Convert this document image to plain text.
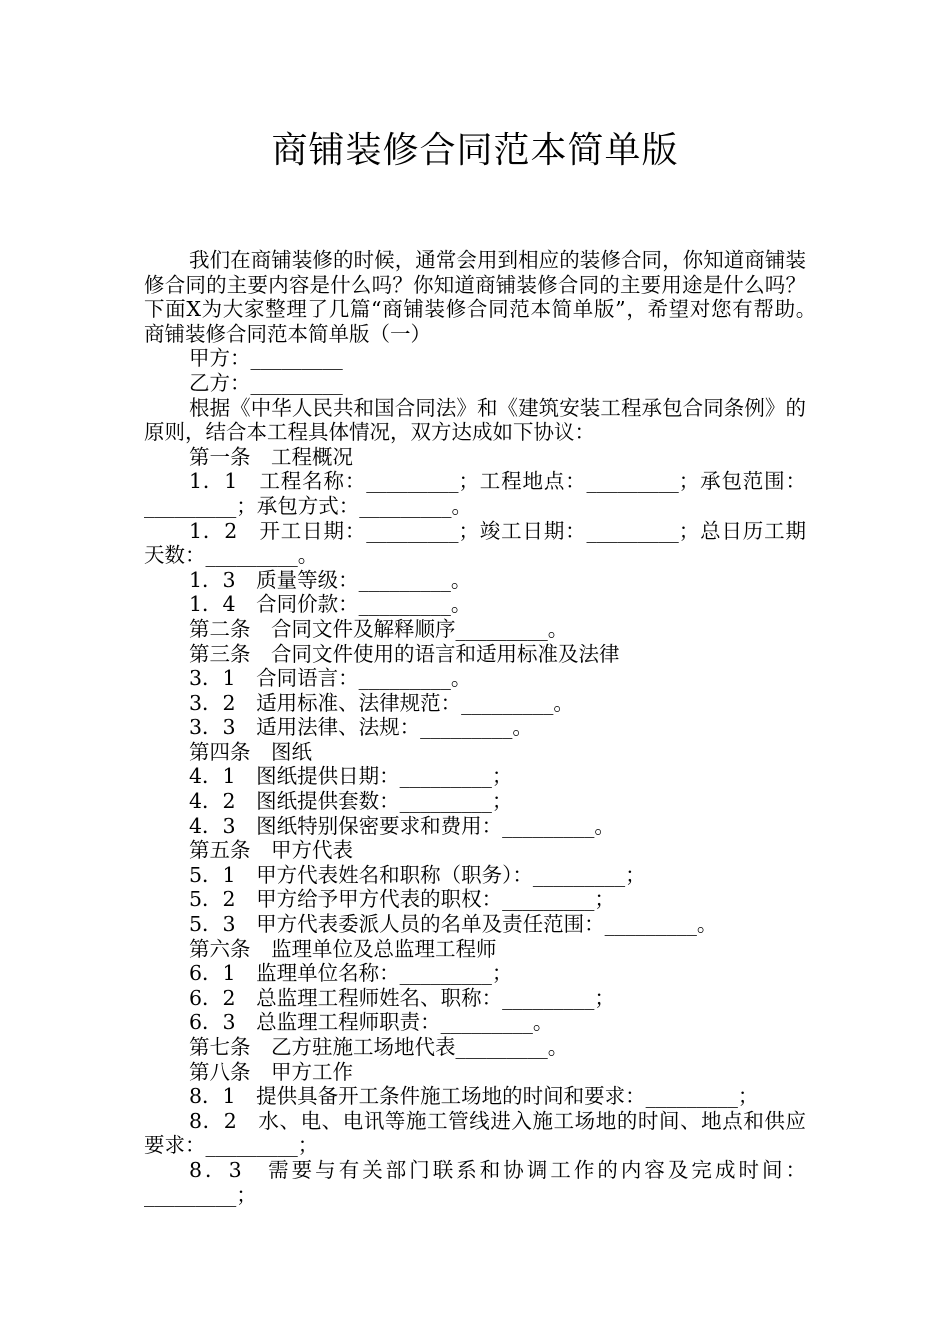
商铺装修合同范本简单版

我们在商铺装修的时候，通常会用到相应的装修合同，你知道商铺装修合同的主要内容是什么吗？你知道商铺装修合同的主要用途是什么吗？下面X为大家整理了几篇“商铺装修合同范本简单版”，希望对您有帮助。　　商铺装修合同范本简单版（一）

甲方：_________

乙方：_________

根据《中华人民共和国合同法》和《建筑安装工程承包合同条例》的原则，结合本工程具体情况，双方达成如下协议：

第一条　工程概况

1．1　工程名称：_________；工程地点：_________；承包范围：_________；承包方式：_________。

1．2　开工日期：_________；竣工日期：_________；总日历工期天数：_________。

1．3　质量等级：_________。

1．4　合同价款：_________。

第二条　合同文件及解释顺序_________。

第三条　合同文件使用的语言和适用标准及法律

3．1　合同语言：_________。

3．2　适用标准、法律规范：_________。

3．3　适用法律、法规：_________。

第四条　图纸

4．1　图纸提供日期：_________；

4．2　图纸提供套数：_________；

4．3　图纸特别保密要求和费用：_________。

第五条　甲方代表

5．1　甲方代表姓名和职称（职务）：_________；

5．2　甲方给予甲方代表的职权：_________；

5．3　甲方代表委派人员的名单及责任范围：_________。

第六条　监理单位及总监理工程师

6．1　监理单位名称：_________；

6．2　总监理工程师姓名、职称：_________；

6．3　总监理工程师职责：_________。

第七条　乙方驻施工场地代表_________。

第八条　甲方工作

8．1　提供具备开工条件施工场地的时间和要求：_________；

8．2　水、电、电讯等施工管线进入施工场地的时间、地点和供应要求：_________；

8．3　需要与有关部门联系和协调工作的内容及完成时间：_________；
